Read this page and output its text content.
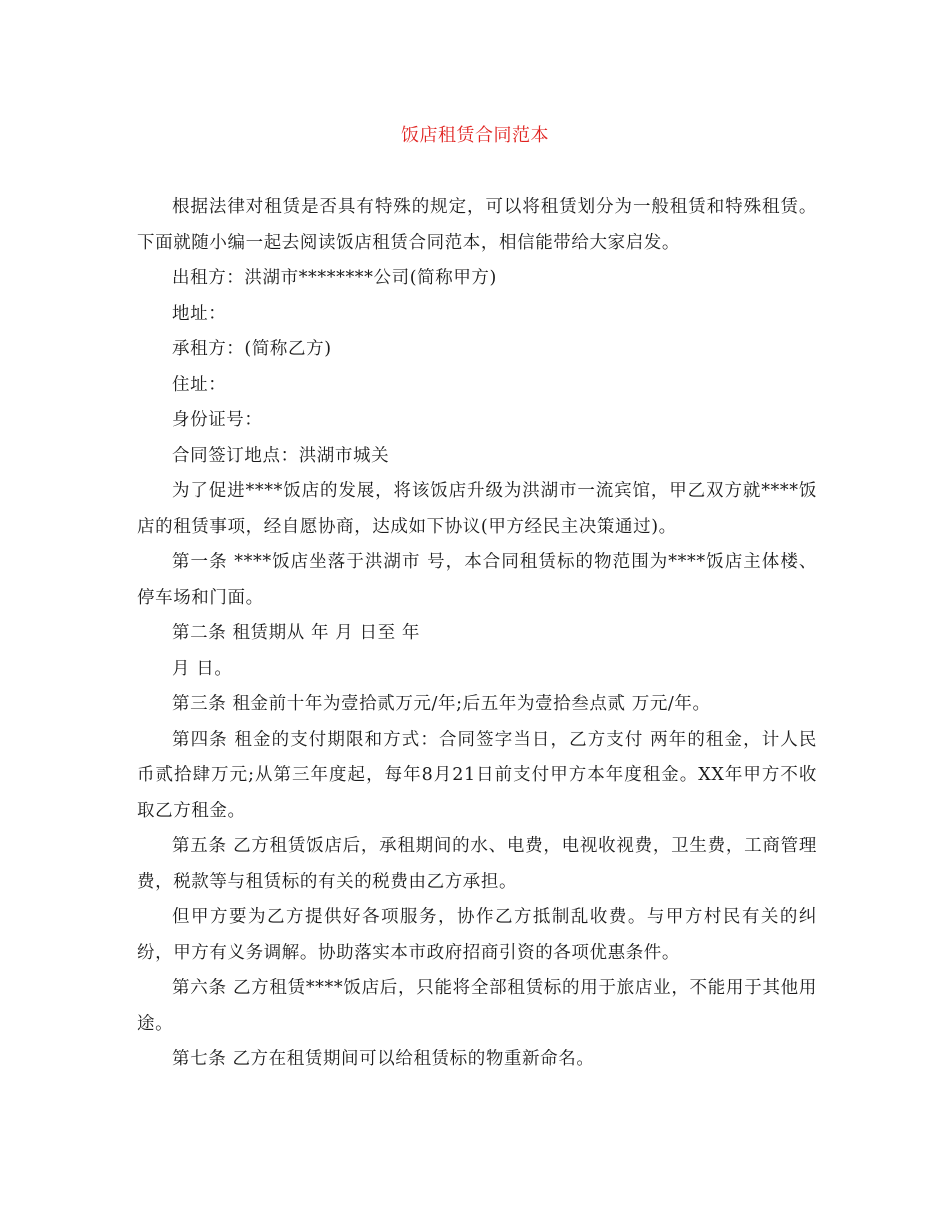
饭店租赁合同范本

根据法律对租赁是否具有特殊的规定，可以将租赁划分为一般租赁和特殊租赁。下面就随小编一起去阅读饭店租赁合同范本，相信能带给大家启发。

出租方：洪湖市********公司(简称甲方)

地址：

承租方：(简称乙方)

住址：

身份证号：

合同签订地点：洪湖市城关

为了促进****饭店的发展，将该饭店升级为洪湖市一流宾馆，甲乙双方就****饭店的租赁事项，经自愿协商，达成如下协议(甲方经民主决策通过)。

第一条 ****饭店坐落于洪湖市 号，本合同租赁标的物范围为****饭店主体楼、停车场和门面。

第二条 租赁期从 年 月 日至 年

月 日。

第三条 租金前十年为壹拾贰万元/年;后五年为壹拾叁点贰 万元/年。

第四条 租金的支付期限和方式：合同签字当日，乙方支付 两年的租金，计人民币贰拾肆万元;从第三年度起，每年8月21日前支付甲方本年度租金。XX年甲方不收取乙方租金。

第五条 乙方租赁饭店后，承租期间的水、电费，电视收视费，卫生费，工商管理费，税款等与租赁标的有关的税费由乙方承担。

但甲方要为乙方提供好各项服务，协作乙方抵制乱收费。与甲方村民有关的纠纷，甲方有义务调解。协助落实本市政府招商引资的各项优惠条件。

第六条 乙方租赁****饭店后，只能将全部租赁标的用于旅店业，不能用于其他用途。

第七条 乙方在租赁期间可以给租赁标的物重新命名。
